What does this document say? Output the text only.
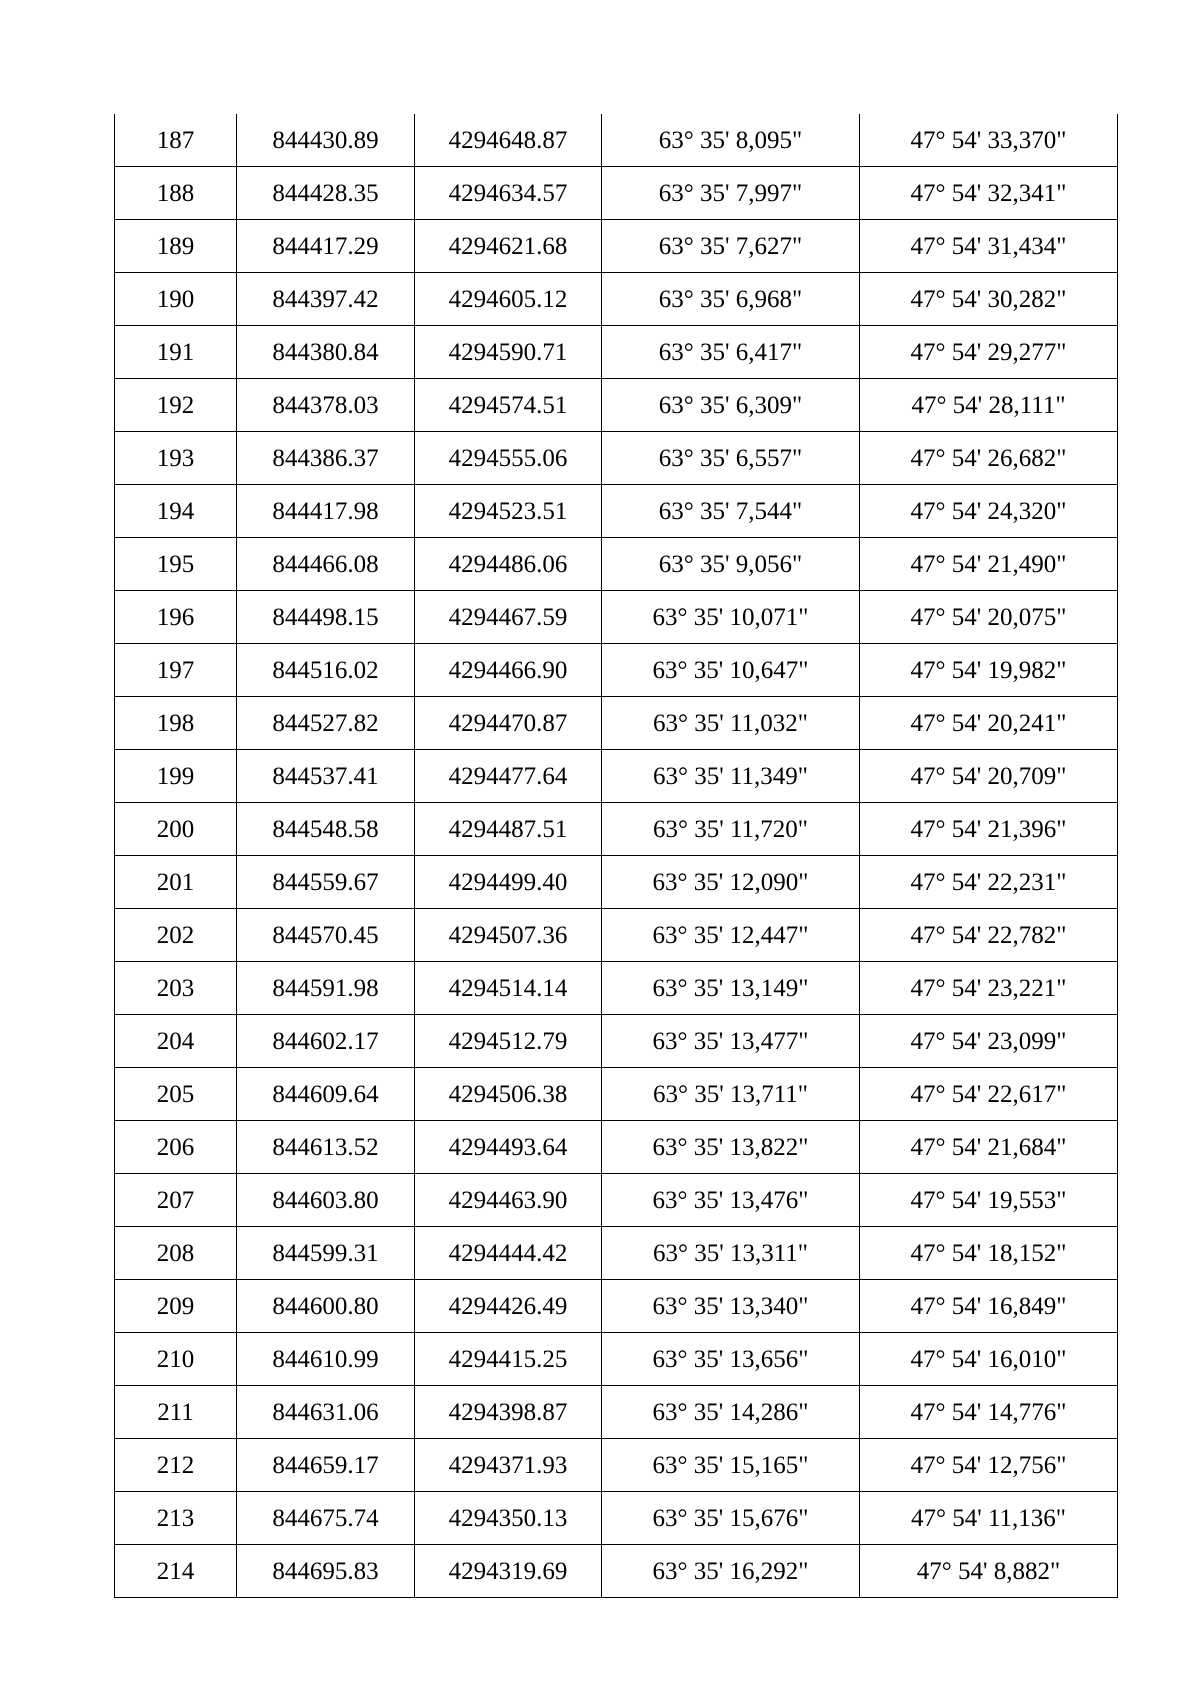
187	844430.89	4294648.87	63° 35' 8,095"	47° 54' 33,370"
188	844428.35	4294634.57	63° 35' 7,997"	47° 54' 32,341"
189	844417.29	4294621.68	63° 35' 7,627"	47° 54' 31,434"
190	844397.42	4294605.12	63° 35' 6,968"	47° 54' 30,282"
191	844380.84	4294590.71	63° 35' 6,417"	47° 54' 29,277"
192	844378.03	4294574.51	63° 35' 6,309"	47° 54' 28,111"
193	844386.37	4294555.06	63° 35' 6,557"	47° 54' 26,682"
194	844417.98	4294523.51	63° 35' 7,544"	47° 54' 24,320"
195	844466.08	4294486.06	63° 35' 9,056"	47° 54' 21,490"
196	844498.15	4294467.59	63° 35' 10,071"	47° 54' 20,075"
197	844516.02	4294466.90	63° 35' 10,647"	47° 54' 19,982"
198	844527.82	4294470.87	63° 35' 11,032"	47° 54' 20,241"
199	844537.41	4294477.64	63° 35' 11,349"	47° 54' 20,709"
200	844548.58	4294487.51	63° 35' 11,720"	47° 54' 21,396"
201	844559.67	4294499.40	63° 35' 12,090"	47° 54' 22,231"
202	844570.45	4294507.36	63° 35' 12,447"	47° 54' 22,782"
203	844591.98	4294514.14	63° 35' 13,149"	47° 54' 23,221"
204	844602.17	4294512.79	63° 35' 13,477"	47° 54' 23,099"
205	844609.64	4294506.38	63° 35' 13,711"	47° 54' 22,617"
206	844613.52	4294493.64	63° 35' 13,822"	47° 54' 21,684"
207	844603.80	4294463.90	63° 35' 13,476"	47° 54' 19,553"
208	844599.31	4294444.42	63° 35' 13,311"	47° 54' 18,152"
209	844600.80	4294426.49	63° 35' 13,340"	47° 54' 16,849"
210	844610.99	4294415.25	63° 35' 13,656"	47° 54' 16,010"
211	844631.06	4294398.87	63° 35' 14,286"	47° 54' 14,776"
212	844659.17	4294371.93	63° 35' 15,165"	47° 54' 12,756"
213	844675.74	4294350.13	63° 35' 15,676"	47° 54' 11,136"
214	844695.83	4294319.69	63° 35' 16,292"	47° 54' 8,882"
